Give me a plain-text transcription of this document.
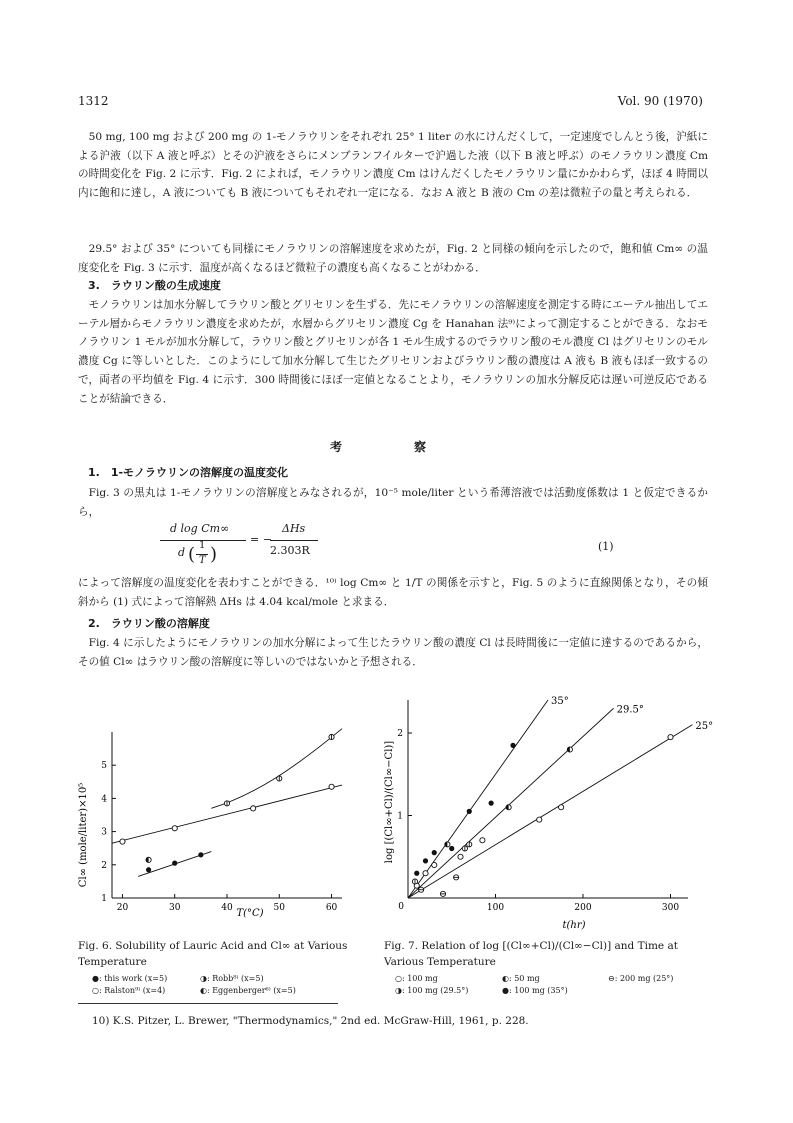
1312	Vol. 90 (1970)
50 mg, 100 mg および 200 mg の 1-モノラウリンをそれぞれ 25° 1 liter の水にけんだくして，一定速度でしんとう後，沪紙による沪液（以下 A 液と呼ぶ）とその沪液をさらにメンブランフイルターで沪過した液（以下 B 液と呼ぶ）のモノラウリン濃度 Cm の時間変化を Fig. 2 に示す．Fig. 2 によれば，モノラウリン濃度 Cm はけんだくしたモノラウリン量にかかわらず，ほぼ 4 時間以内に飽和に達し，A 液についても B 液についてもそれぞれ一定になる．なお A 液と B 液の Cm の差は微粒子の量と考えられる．
29.5° および 35° についても同様にモノラウリンの溶解速度を求めたが，Fig. 2 と同様の傾向を示したので，飽和値 Cm∞ の温度変化を Fig. 3 に示す．温度が高くなるほど微粒子の濃度も高くなることがわかる．
3.　ラウリン酸の生成速度
モノラウリンは加水分解してラウリン酸とグリセリンを生ずる．先にモノラウリンの溶解速度を測定する時にエーテル抽出してエーテル層からモノラウリン濃度を求めたが，水層からグリセリン濃度 Cg を Hanahan 法⁹⁾によって測定することができる．なおモノラウリン 1 モルが加水分解して，ラウリン酸とグリセリンが各 1 モル生成するのでラウリン酸のモル濃度 Cl はグリセリンのモル濃度 Cg に等しいとした．このようにして加水分解して生じたグリセリンおよびラウリン酸の濃度は A 液も B 液もほぼ一致するので，両者の平均値を Fig. 4 に示す．300 時間後にほぼ一定値となることより，モノラウリンの加水分解反応は遅い可逆反応であることが結論できる．
考察
1.　1-モノラウリンの溶解度の温度変化
Fig. 3 の黒丸は 1-モノラウリンの溶解度とみなされるが，10⁻⁵ mole/liter という希薄溶液では活動度係数は 1 と仮定できるから，
d log Cm∞
d ( 1
T )
= −
ΔHs
2.303R	(1)
によって溶解度の温度変化を表わすことができる．¹⁰⁾ log Cm∞ と 1/T の関係を示すと，Fig. 5 のように直線関係となり，その傾斜から (1) 式によって溶解熱 ΔHs は 4.04 kcal/mole と求まる．
2.　ラウリン酸の溶解度
Fig. 4 に示したようにモノラウリンの加水分解によって生じたラウリン酸の濃度 Cl は長時間後に一定値に達するのであるから，その値 Cl∞ はラウリン酸の溶解度に等しいのではないかと予想される．
Cl∞ (mole/liter)×10⁵
T(°C)
20	30	40	50	60
1
2
3
4
5	log [(Cl∞+Cl)/(Cl∞−Cl)]
t(hr)
0	100	200	300
1
2
35°
29.5°
25°
Fig. 6. Solubility of Lauric Acid and Cl∞ at Various Temperature
Fig. 7. Relation of log [(Cl∞+Cl)/(Cl∞−Cl)] and Time at Various Temperature
●: this work (x=5)	◑: Robb⁸⁾ (x=5)
○: Ralston⁹⁾ (x=4)	◐: Eggenberger⁶⁾ (x=5)
○: 100 mg	◐: 50 mg	⊖: 200 mg (25°)
◑: 100 mg (29.5°)	●: 100 mg (35°)
10) K.S. Pitzer, L. Brewer, "Thermodynamics," 2nd ed. McGraw-Hill, 1961, p. 228.
